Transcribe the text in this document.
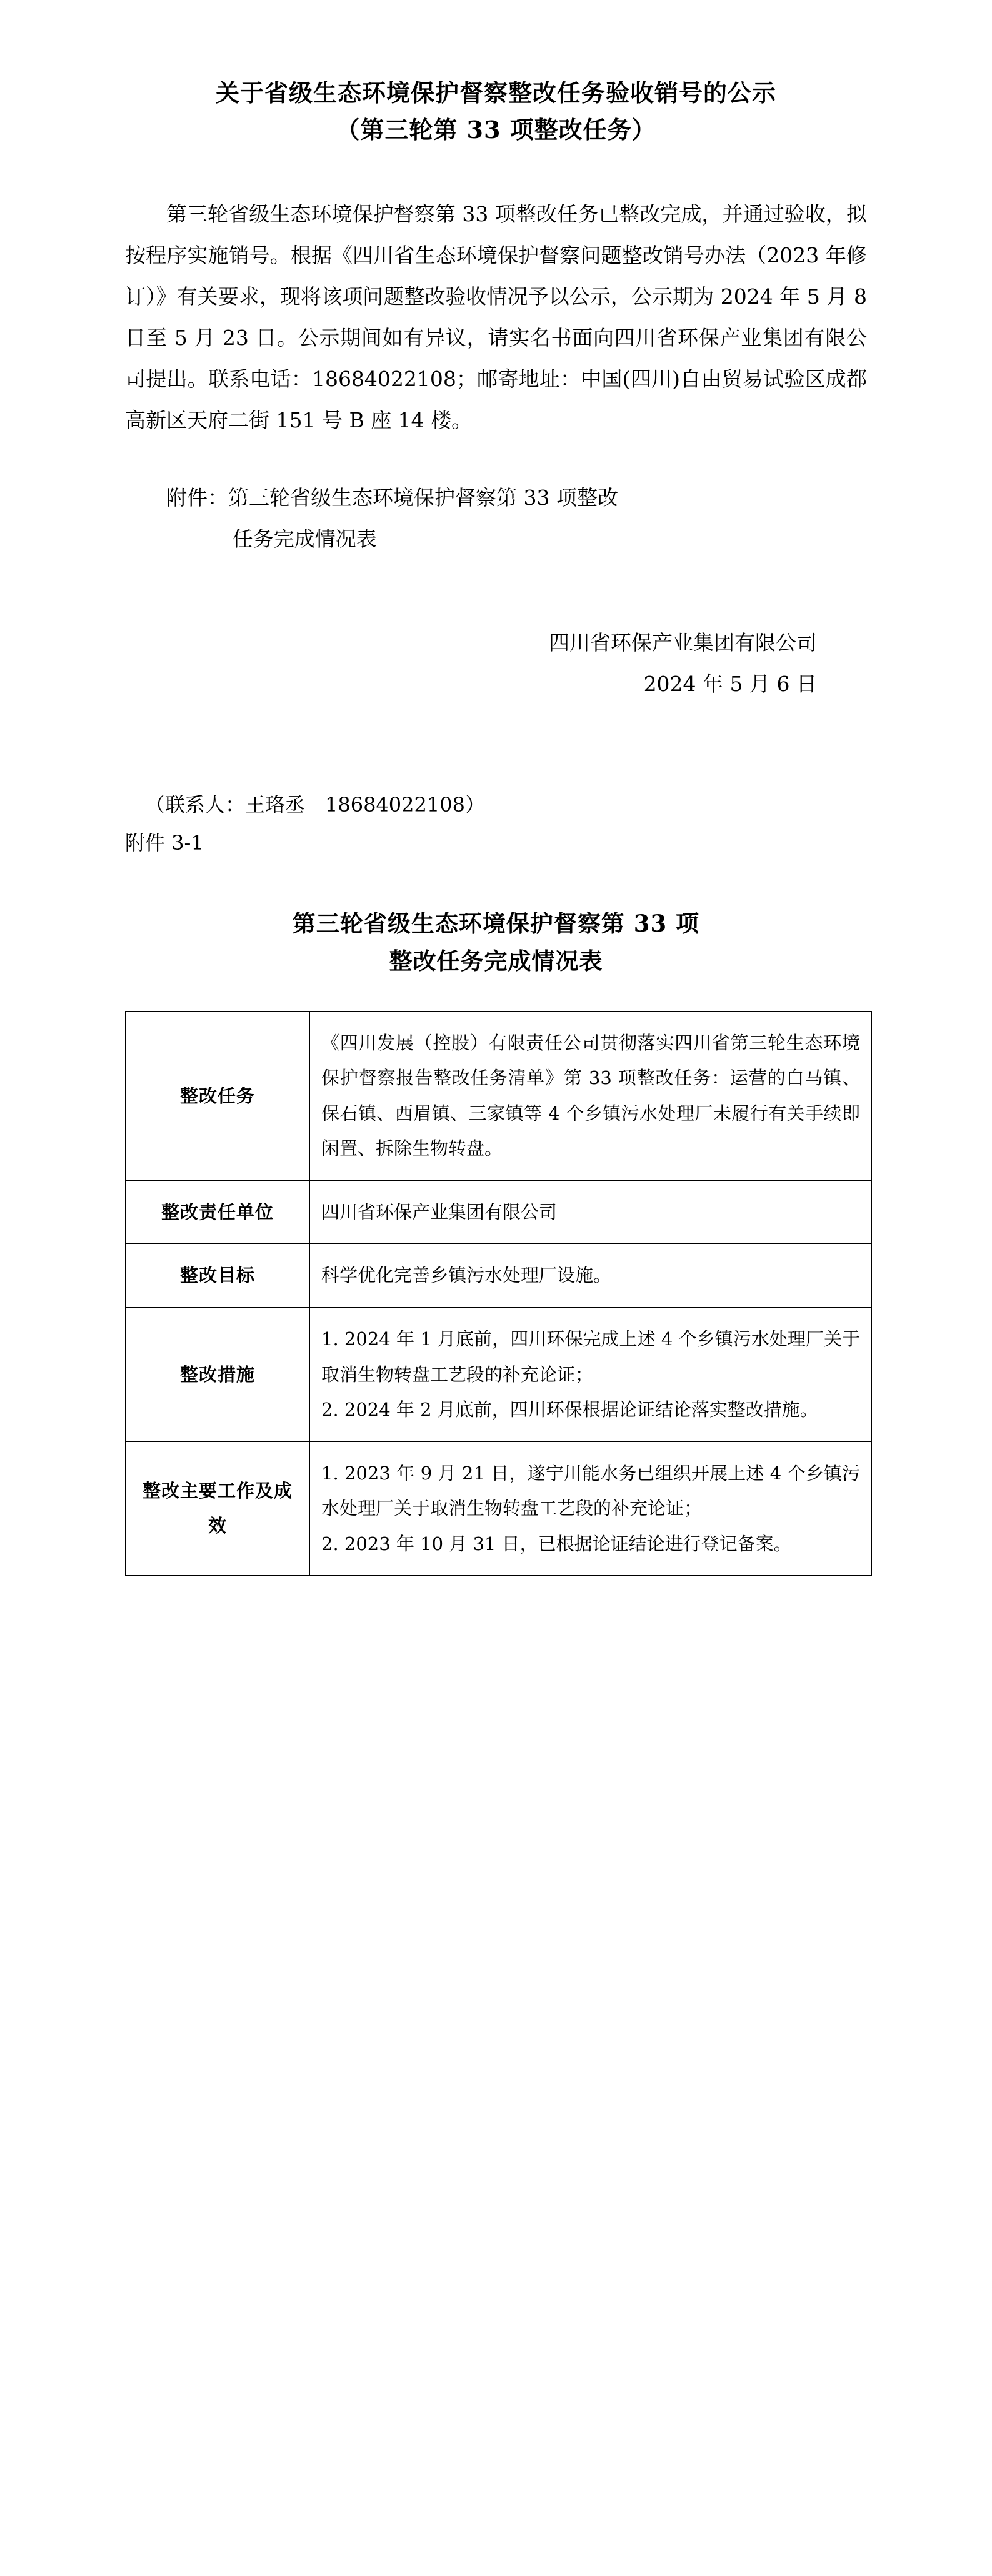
关于省级生态环境保护督察整改任务验收销号的公示
（第三轮第 33 项整改任务）

第三轮省级生态环境保护督察第 33 项整改任务已整改完成，并通过验收，拟按程序实施销号。根据《四川省生态环境保护督察问题整改销号办法（2023 年修订）》有关要求，现将该项问题整改验收情况予以公示，公示期为 2024 年 5 月 8 日至 5 月 23 日。公示期间如有异议，请实名书面向四川省环保产业集团有限公司提出。联系电话：18684022108；邮寄地址：中国(四川)自由贸易试验区成都高新区天府二街 151 号 B 座 14 楼。

附件：第三轮省级生态环境保护督察第 33 项整改
任务完成情况表
四川省环保产业集团有限公司
2024 年 5 月 6 日
（联系人：王珞丞　18684022108）
附件 3-1
第三轮省级生态环境保护督察第 33 项
整改任务完成情况表
整改任务	《四川发展（控股）有限责任公司贯彻落实四川省第三轮生态环境保护督察报告整改任务清单》第 33 项整改任务：运营的白马镇、保石镇、西眉镇、三家镇等 4 个乡镇污水处理厂未履行有关手续即闲置、拆除生物转盘。

整改责任单位	四川省环保产业集团有限公司

整改目标	科学优化完善乡镇污水处理厂设施。

整改措施	1. 2024 年 1 月底前，四川环保完成上述 4 个乡镇污水处理厂关于取消生物转盘工艺段的补充论证；

2. 2024 年 2 月底前，四川环保根据论证结论落实整改措施。

整改主要工作及成效	1. 2023 年 9 月 21 日，遂宁川能水务已组织开展上述 4 个乡镇污水处理厂关于取消生物转盘工艺段的补充论证；

2. 2023 年 10 月 31 日，已根据论证结论进行登记备案。
